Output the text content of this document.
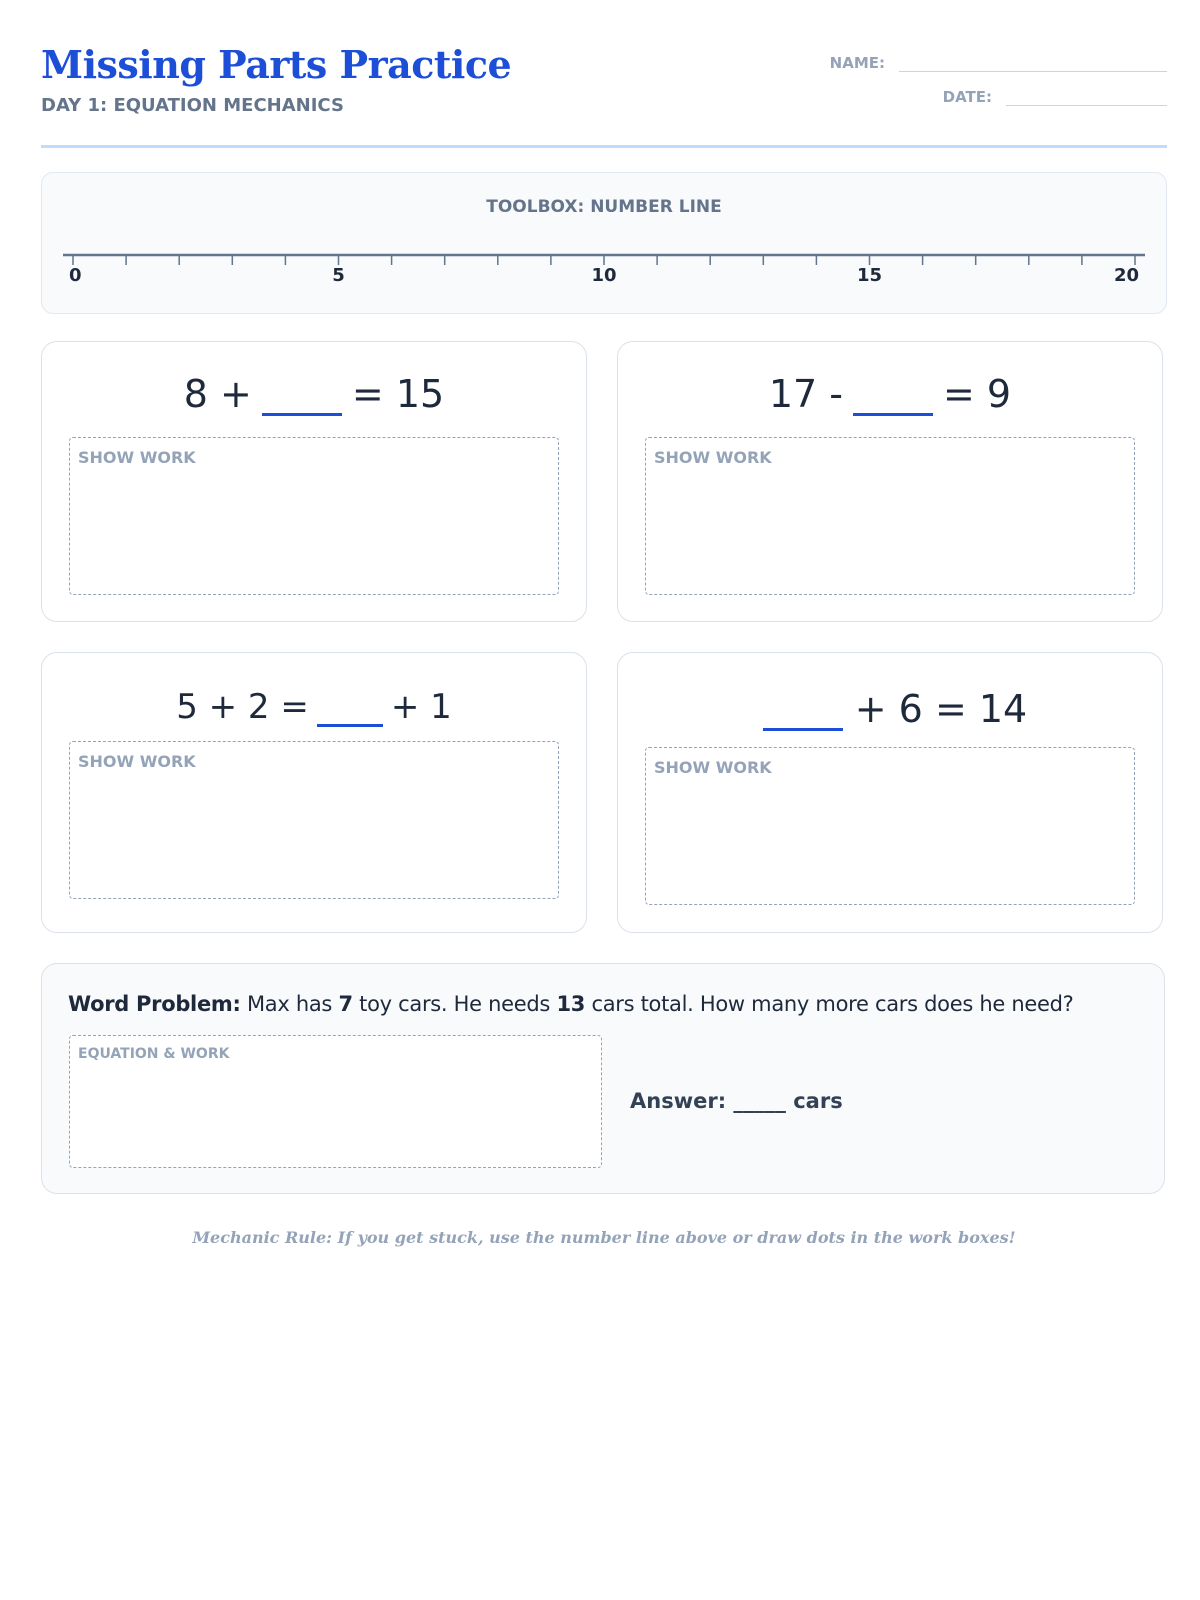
Missing Parts Practice
DAY 1: EQUATION MECHANICS
NAME:
DATE:
TOOLBOX: NUMBER LINE
0	5	10	15	20
8 +	= 15
SHOW WORK
17 -	= 9
SHOW WORK
5 + 2 = + 1
SHOW WORK
+ 6 = 14
SHOW WORK
Word Problem: Max has 7 toy cars. He needs 13 cars total. How many more cars does he need?
EQUATION & WORK
Answer: _____ cars
Mechanic Rule: If you get stuck, use the number line above or draw dots in the work boxes!
